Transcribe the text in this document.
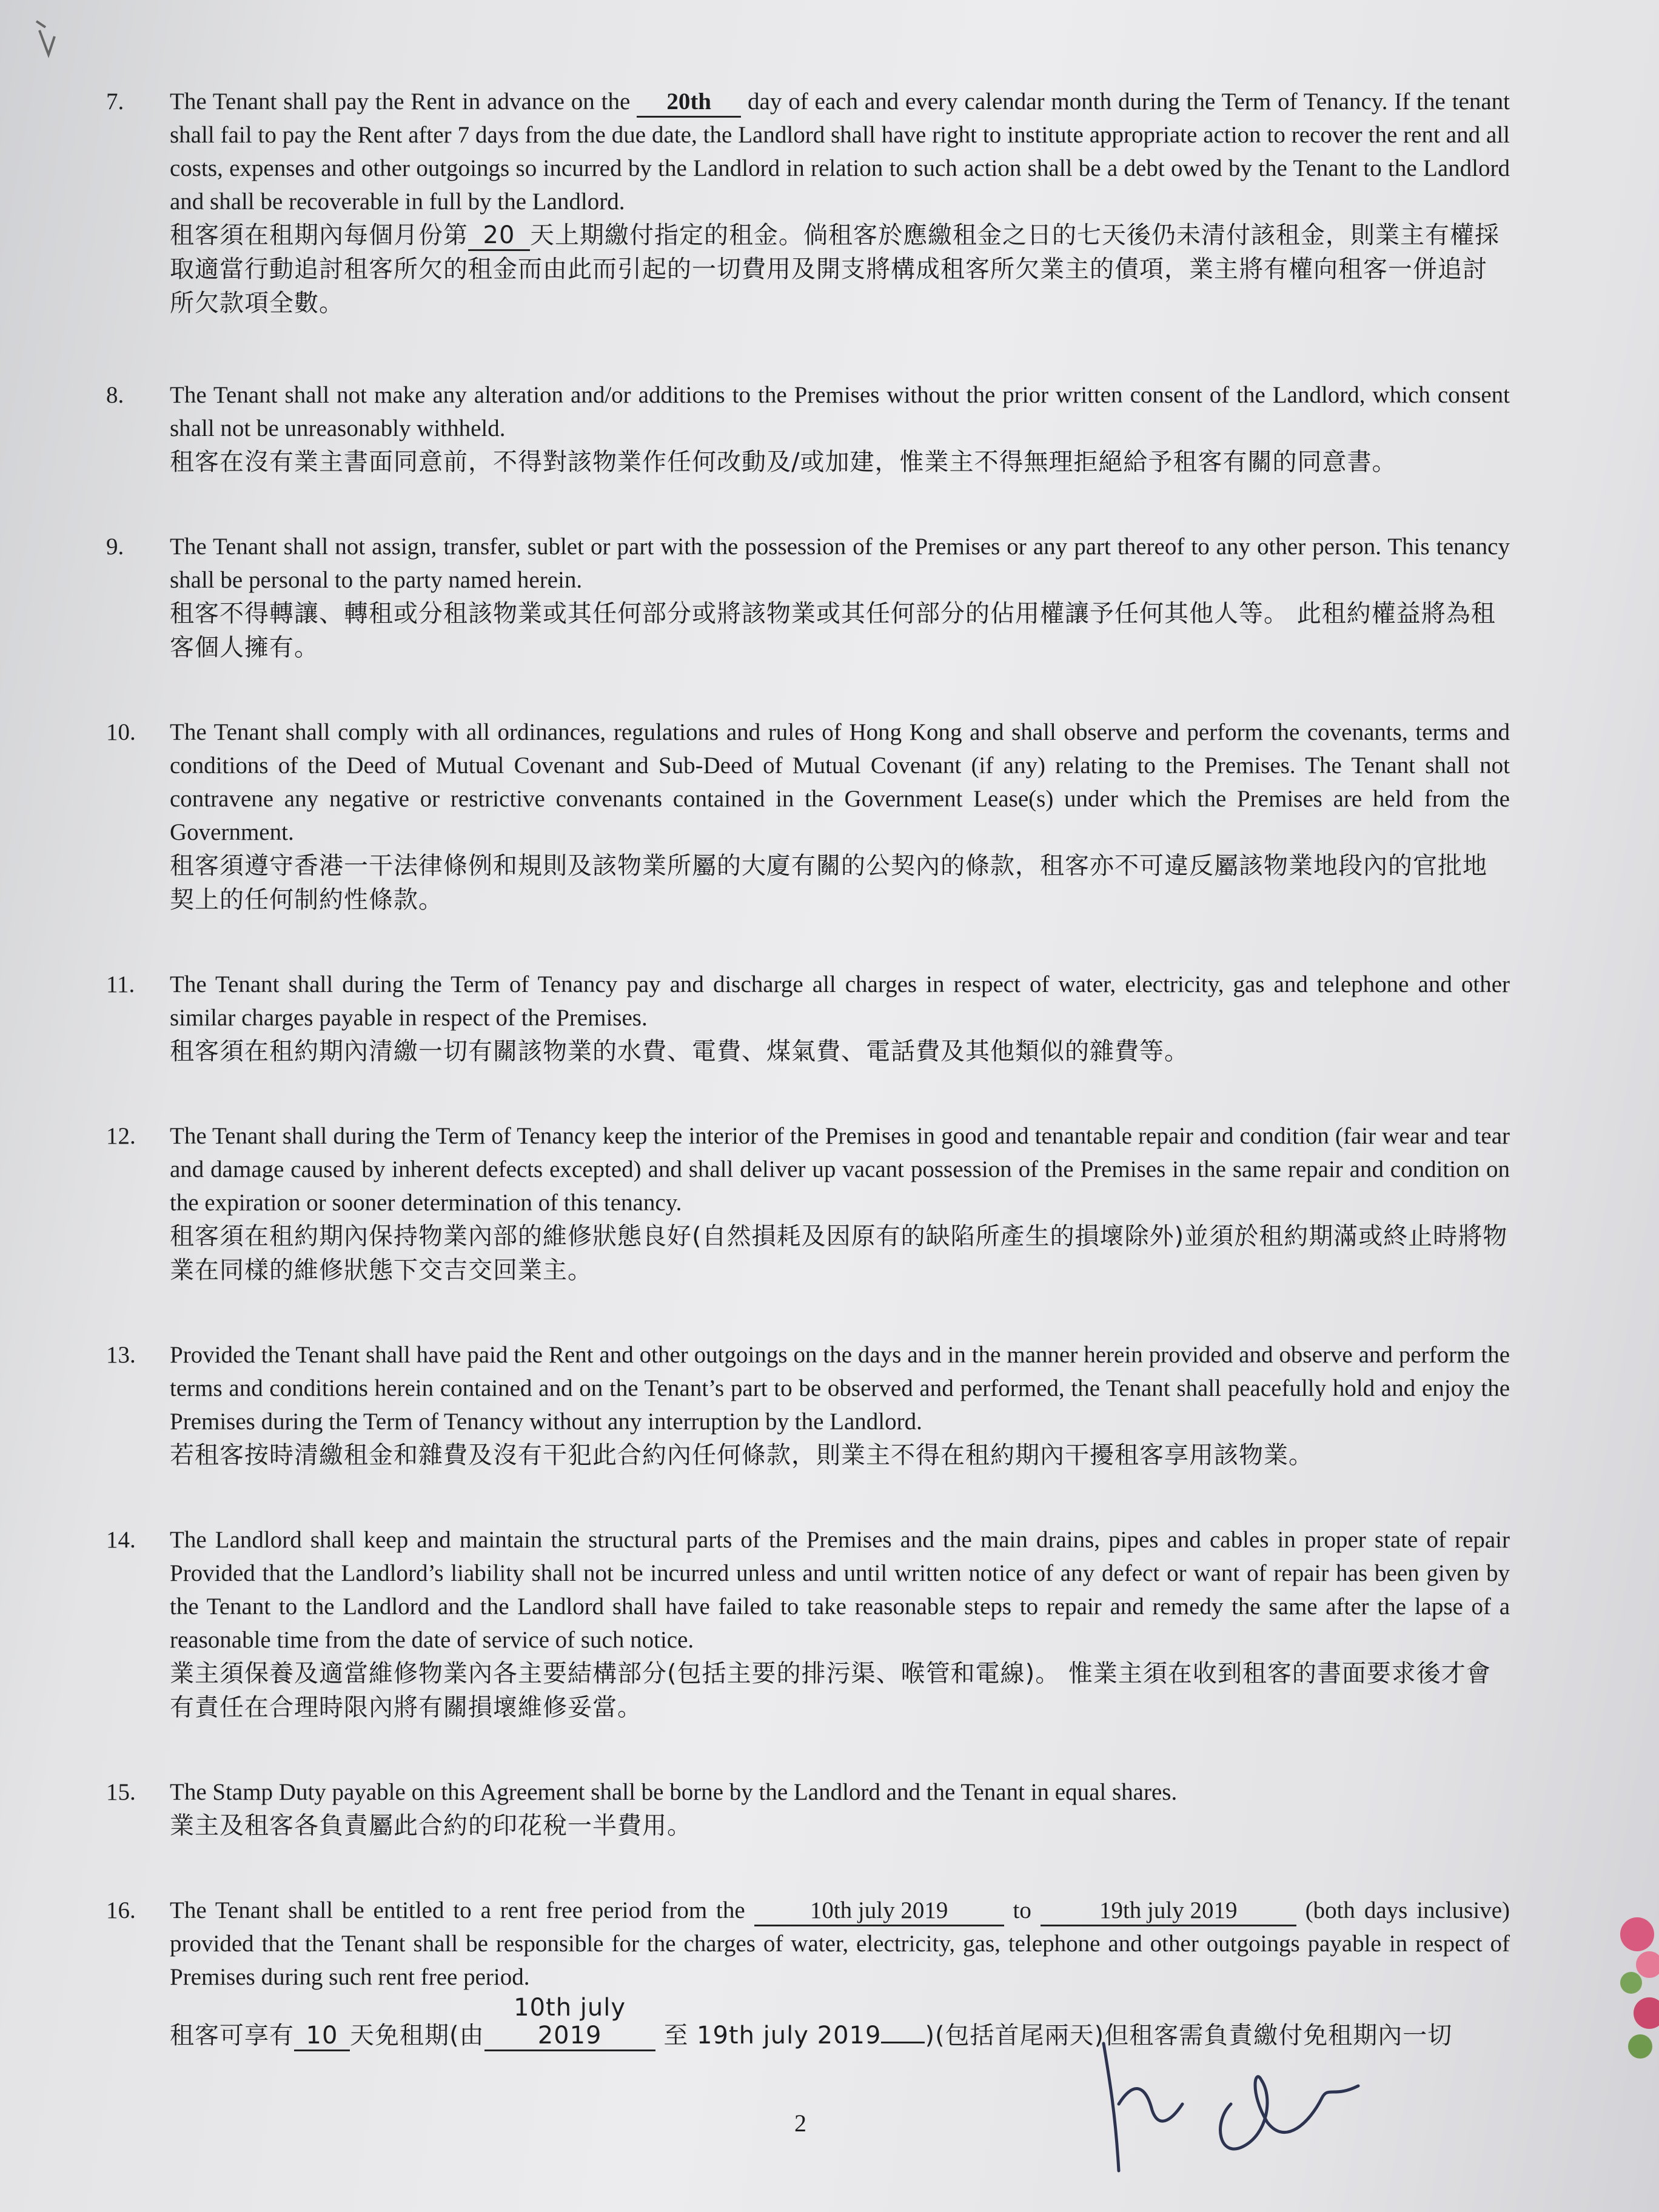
7.	The Tenant shall pay the Rent in advance on the 20th day of each and every calendar month during the Term of Tenancy. If the tenant shall fail to pay the Rent after 7 days from the due date, the Landlord shall have right to institute appropriate action to recover the rent and all costs, expenses and other outgoings so incurred by the Landlord in relation to such action shall be a debt owed by the Tenant to the Landlord and shall be recoverable in full by the Landlord.

租客須在租期內每個月份第 20 天上期繳付指定的租金。倘租客於應繳租金之日的七天後仍未清付該租金，則業主有權採取適當行動追討租客所欠的租金而由此而引起的一切費用及開支將構成租客所欠業主的債項，業主將有權向租客一併追討所欠款項全數。

8.	The Tenant shall not make any alteration and/or additions to the Premises without the prior written consent of the Landlord, which consent shall not be unreasonably withheld.

租客在沒有業主書面同意前，不得對該物業作任何改動及/或加建，惟業主不得無理拒絕給予租客有關的同意書。

9.	The Tenant shall not assign, transfer, sublet or part with the possession of the Premises or any part thereof to any other person. This tenancy shall be personal to the party named herein.

租客不得轉讓、轉租或分租該物業或其任何部分或將該物業或其任何部分的佔用權讓予任何其他人等。 此租約權益將為租客個人擁有。

10.	The Tenant shall comply with all ordinances, regulations and rules of Hong Kong and shall observe and perform the covenants, terms and conditions of the Deed of Mutual Covenant and Sub-Deed of Mutual Covenant (if any) relating to the Premises. The Tenant shall not contravene any negative or restrictive convenants contained in the Government Lease(s) under which the Premises are held from the Government.

租客須遵守香港一干法律條例和規則及該物業所屬的大廈有關的公契內的條款，租客亦不可違反屬該物業地段內的官批地契上的任何制約性條款。

11.	The Tenant shall during the Term of Tenancy pay and discharge all charges in respect of water, electricity, gas and telephone and other similar charges payable in respect of the Premises.

租客須在租約期內清繳一切有關該物業的水費、電費、煤氣費、電話費及其他類似的雜費等。

12.	The Tenant shall during the Term of Tenancy keep the interior of the Premises in good and tenantable repair and condition (fair wear and tear and damage caused by inherent defects excepted) and shall deliver up vacant possession of the Premises in the same repair and condition on the expiration or sooner determination of this tenancy.

租客須在租約期內保持物業內部的維修狀態良好(自然損耗及因原有的缺陷所產生的損壞除外)並須於租約期滿或終止時將物業在同樣的維修狀態下交吉交回業主。

13.	Provided the Tenant shall have paid the Rent and other outgoings on the days and in the manner herein provided and observe and perform the terms and conditions herein contained and on the Tenant’s part to be observed and performed, the Tenant shall peacefully hold and enjoy the Premises during the Term of Tenancy without any interruption by the Landlord.

若租客按時清繳租金和雜費及沒有干犯此合約內任何條款，則業主不得在租約期內干擾租客享用該物業。

14.	The Landlord shall keep and maintain the structural parts of the Premises and the main drains, pipes and cables in proper state of repair Provided that the Landlord’s liability shall not be incurred unless and until written notice of any defect or want of repair has been given by the Tenant to the Landlord and the Landlord shall have failed to take reasonable steps to repair and remedy the same after the lapse of a reasonable time from the date of service of such notice.

業主須保養及適當維修物業內各主要結構部分(包括主要的排污渠、喉管和電線)。 惟業主須在收到租客的書面要求後才會有責任在合理時限內將有關損壞維修妥當。

15.	The Stamp Duty payable on this Agreement shall be borne by the Landlord and the Tenant in equal shares.

業主及租客各負責屬此合約的印花稅一半費用。

16.	The Tenant shall be entitled to a rent free period from the 10th july 2019 to 19th july 2019 (both days inclusive) provided that the Tenant shall be responsible for the charges of water, electricity, gas, telephone and other outgoings payable in respect of Premises during such rent free period.

租客可享有 10 天免租期(由10th july 2019 至 19th july 2019 )(包括首尾兩天)但租客需負責繳付免租期內一切

2
